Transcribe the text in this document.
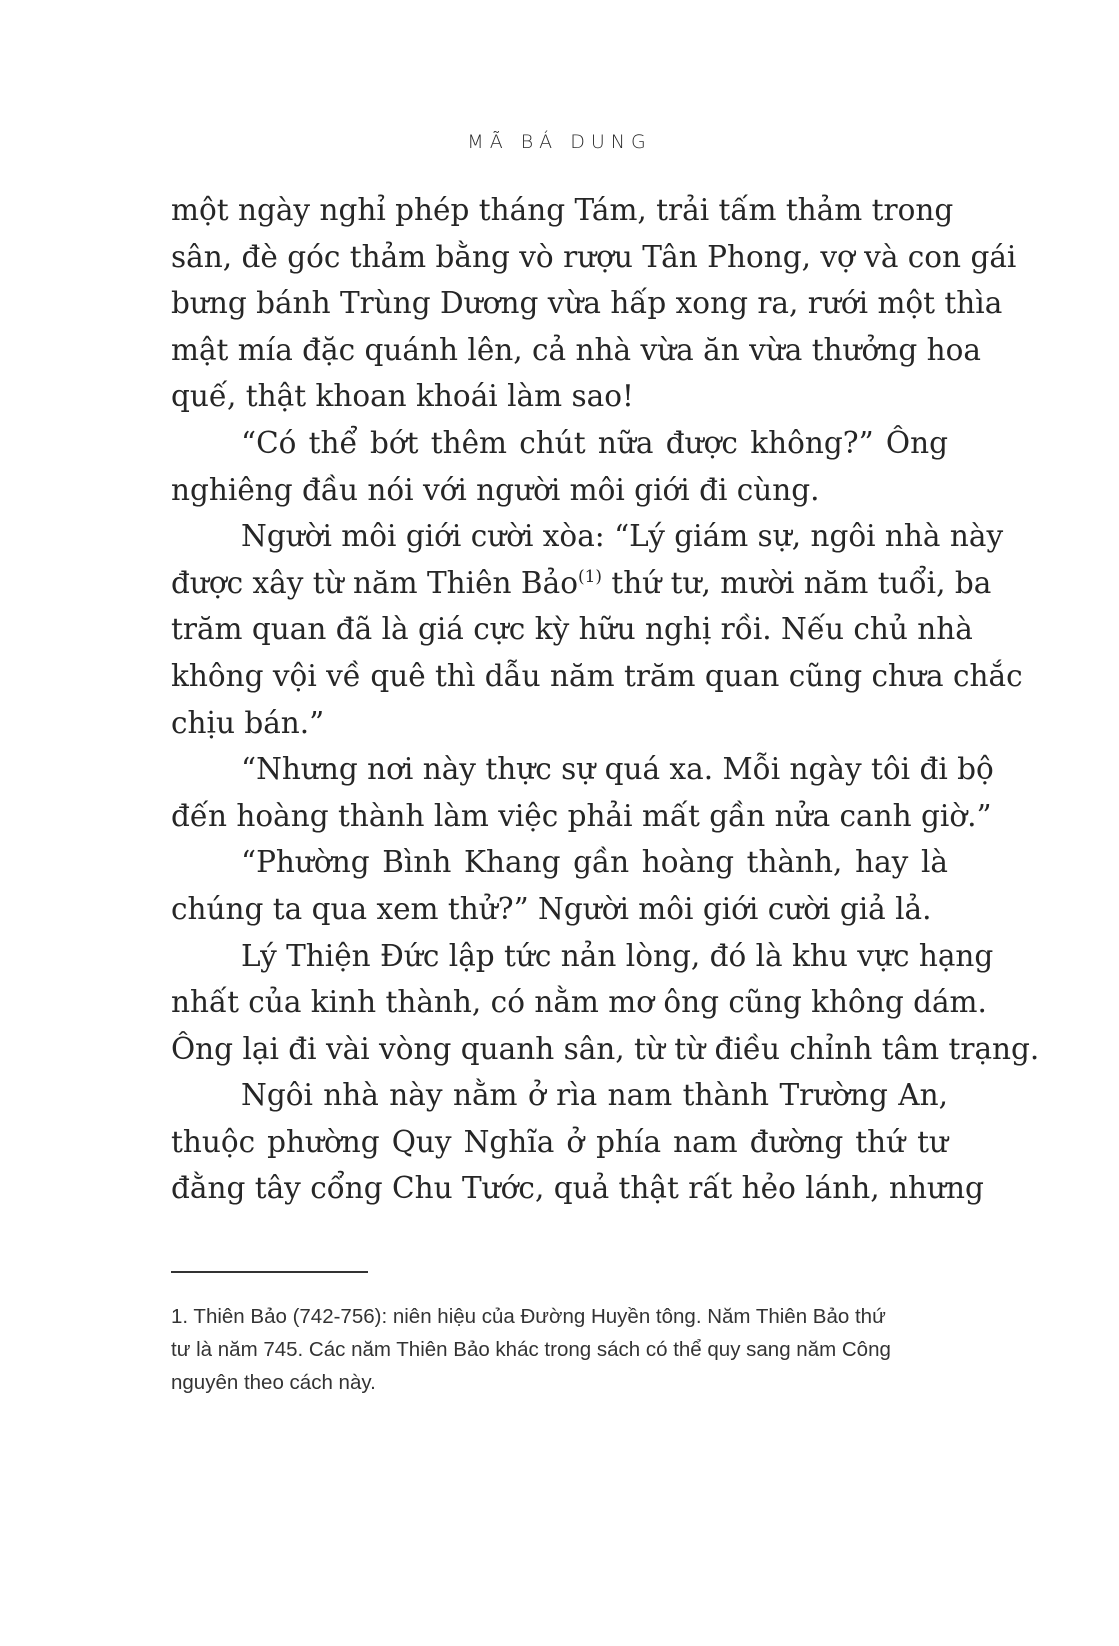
MÃ BÁ DUNG
một ngày nghỉ phép tháng Tám, trải tấm thảm trong
sân, đè góc thảm bằng vò rượu Tân Phong, vợ và con gái
bưng bánh Trùng Dương vừa hấp xong ra, rưới một thìa
mật mía đặc quánh lên, cả nhà vừa ăn vừa thưởng hoa
quế, thật khoan khoái làm sao!
“Có thể bớt thêm chút nữa được không?” Ông
nghiêng đầu nói với người môi giới đi cùng.
Người môi giới cười xòa: “Lý giám sự, ngôi nhà này
được xây từ năm Thiên Bảo$^{(1)}$ thứ tư, mười năm tuổi, ba
trăm quan đã là giá cực kỳ hữu nghị rồi. Nếu chủ nhà
không vội về quê thì dẫu năm trăm quan cũng chưa chắc
chịu bán.”
“Nhưng nơi này thực sự quá xa. Mỗi ngày tôi đi bộ
đến hoàng thành làm việc phải mất gần nửa canh giờ.”
“Phường Bình Khang gần hoàng thành, hay là
chúng ta qua xem thử?” Người môi giới cười giả lả.
Lý Thiện Đức lập tức nản lòng, đó là khu vực hạng
nhất của kinh thành, có nằm mơ ông cũng không dám.
Ông lại đi vài vòng quanh sân, từ từ điều chỉnh tâm trạng.
Ngôi nhà này nằm ở rìa nam thành Trường An,
thuộc phường Quy Nghĩa ở phía nam đường thứ tư
đằng tây cổng Chu Tước, quả thật rất hẻo lánh, nhưng
1. Thiên Bảo (742-756): niên hiệu của Đường Huyền tông. Năm Thiên Bảo thứ
tư là năm 745. Các năm Thiên Bảo khác trong sách có thể quy sang năm Công
nguyên theo cách này.
